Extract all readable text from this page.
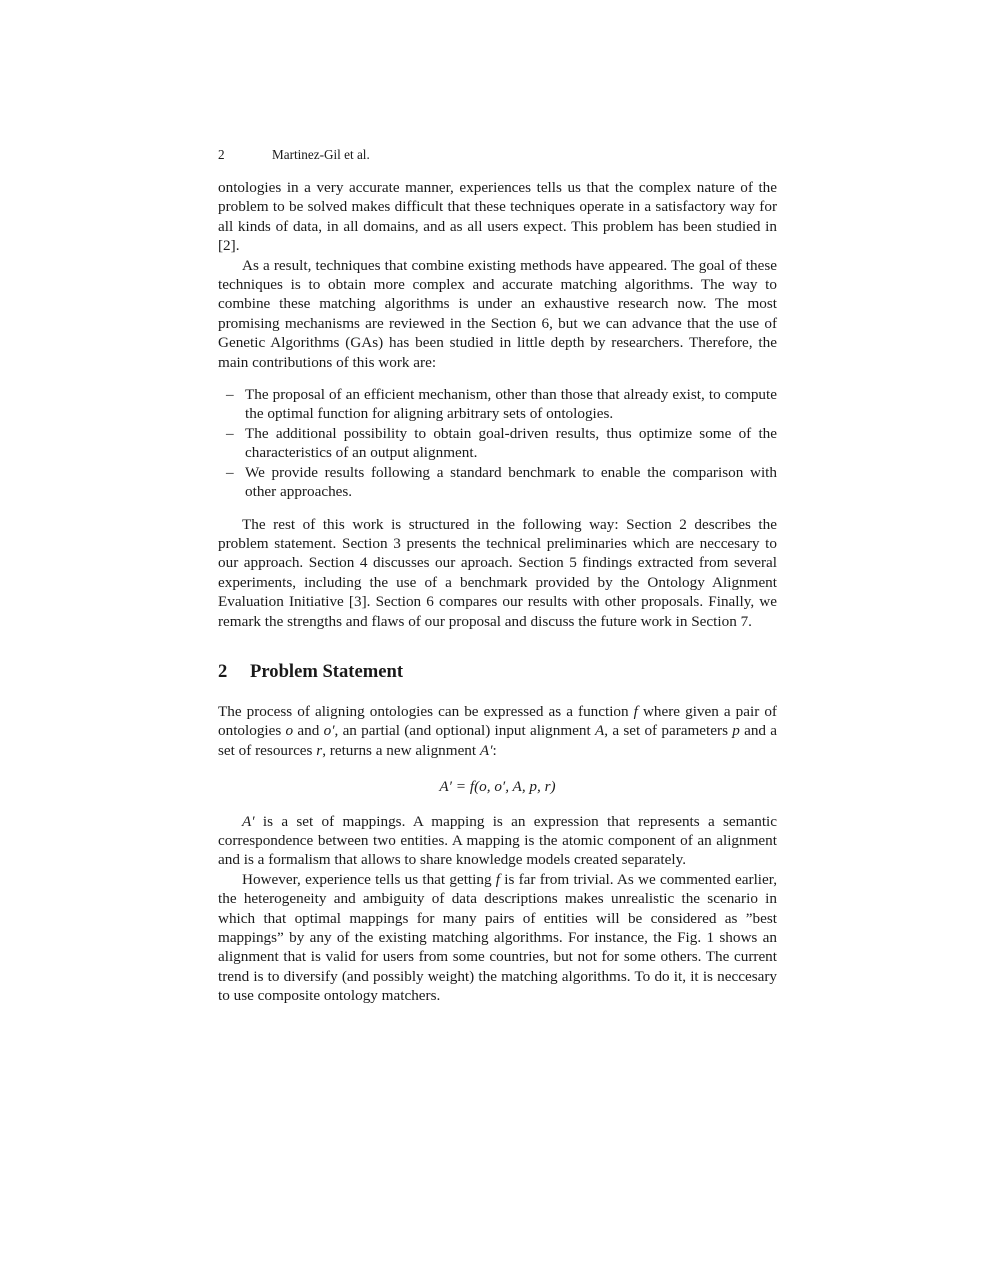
2	Martinez-Gil et al.

ontologies in a very accurate manner, experiences tells us that the complex nature of the problem to be solved makes difficult that these techniques operate in a satisfactory way for all kinds of data, in all domains, and as all users expect. This problem has been studied in [2].

As a result, techniques that combine existing methods have appeared. The goal of these techniques is to obtain more complex and accurate matching algorithms. The way to combine these matching algorithms is under an exhaustive research now. The most promising mechanisms are reviewed in the Section 6, but we can advance that the use of Genetic Algorithms (GAs) has been studied in little depth by researchers. Therefore, the main contributions of this work are:

– The proposal of an efficient mechanism, other than those that already exist, to compute the optimal function for aligning arbitrary sets of ontologies.
– The additional possibility to obtain goal-driven results, thus optimize some of the characteristics of an output alignment.
– We provide results following a standard benchmark to enable the comparison with other approaches.

The rest of this work is structured in the following way: Section 2 describes the problem statement. Section 3 presents the technical preliminaries which are neccesary to our approach. Section 4 discusses our aproach. Section 5 findings extracted from several experiments, including the use of a benchmark provided by the Ontology Alignment Evaluation Initiative [3]. Section 6 compares our results with other proposals. Finally, we remark the strengths and flaws of our proposal and discuss the future work in Section 7.

2	Problem Statement

The process of aligning ontologies can be expressed as a function f where given a pair of ontologies o and o′, an partial (and optional) input alignment A, a set of parameters p and a set of resources r, returns a new alignment A′:

A′ = f(o, o′, A, p, r)

A′ is a set of mappings. A mapping is an expression that represents a semantic correspondence between two entities. A mapping is the atomic component of an alignment and is a formalism that allows to share knowledge models created separately.

However, experience tells us that getting f is far from trivial. As we commented earlier, the heterogeneity and ambiguity of data descriptions makes unrealistic the scenario in which that optimal mappings for many pairs of entities will be considered as ”best mappings” by any of the existing matching algorithms. For instance, the Fig. 1 shows an alignment that is valid for users from some countries, but not for some others. The current trend is to diversify (and possibly weight) the matching algorithms. To do it, it is neccesary to use composite ontology matchers.
